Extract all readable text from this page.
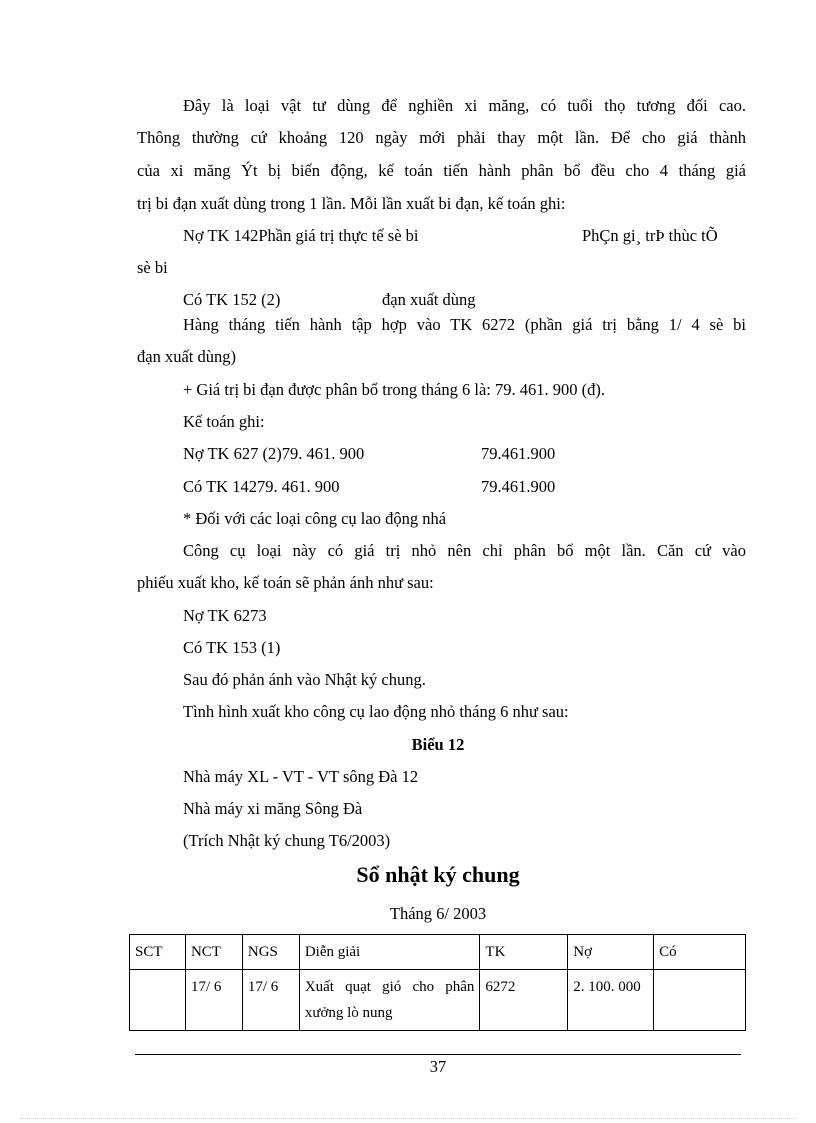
Đây là loại vật tư dùng để nghiền xi măng, có tuổi thọ tương đối cao.
Thông thường cứ khoảng 120 ngày mới phải thay một lần. Để cho giá thành
của xi măng Ýt bị biến động, kế toán tiến hành phân bổ đều cho 4 tháng giá
trị bi đạn xuất dùng trong 1 lần. Mỗi lần xuất bi đạn, kế toán ghi:
Nợ TK 142Phần giá trị thực tế sè bi	PhÇn gi¸ trÞ thùc tÕ
sè bi
Có TK 152 (2)	đạn xuất dùng
Hàng tháng tiến hành tập hợp vào TK 6272 (phần giá trị bằng 1/ 4 sè bi
đạn xuất dùng)
+ Giá trị bi đạn được phân bổ trong tháng 6 là: 79. 461. 900 (đ).
Kế toán ghi:
Nợ TK 627 (2)79. 461. 900	79.461.900
Có TK 14279. 461. 900	79.461.900
* Đối với các loại công cụ lao động nhá
Công cụ loại này có giá trị nhỏ nên chỉ phân bổ một lần. Căn cứ vào
phiếu xuất kho, kế toán sẽ phản ánh như sau:
Nợ TK 6273
Có TK 153 (1)
Sau đó phản ánh vào Nhật ký chung.
Tình hình xuất kho công cụ lao động nhỏ tháng 6 như sau:
Biểu 12
Nhà máy XL - VT - VT sông Đà 12
Nhà máy xi măng Sông Đà
(Trích Nhật ký chung T6/2003)
Sổ nhật ký chung
Tháng 6/ 2003
SCT	NCT	NGS	Diễn giải	TK	Nợ	Có
	17/ 6	17/ 6	Xuất quạt gió cho phân xưởng lò nung	6272	2. 100. 000	
37
